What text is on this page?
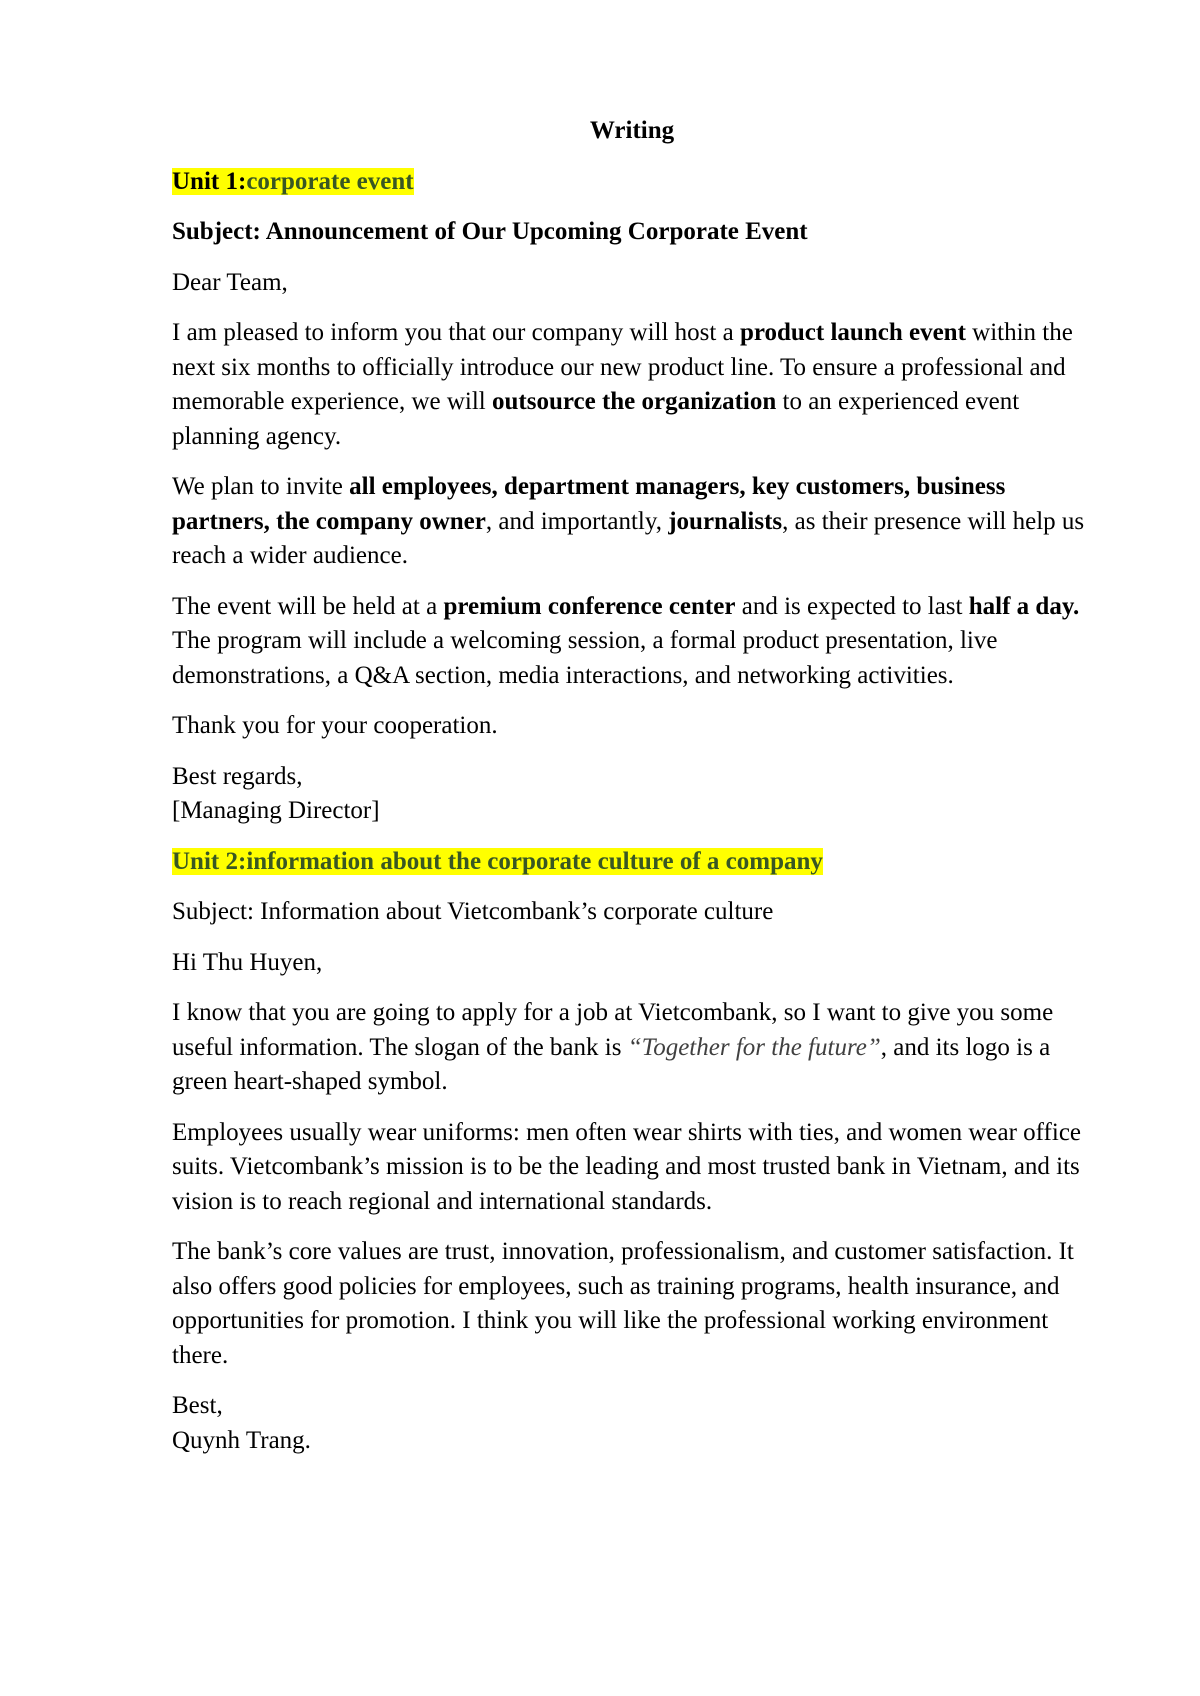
Writing

Unit 1:corporate event

Subject: Announcement of Our Upcoming Corporate Event

Dear Team,

I am pleased to inform you that our company will host a product launch event within the next six months to officially introduce our new product line. To ensure a professional and memorable experience, we will outsource the organization to an experienced event planning agency.

We plan to invite all employees, department managers, key customers, business partners, the company owner, and importantly, journalists, as their presence will help us reach a wider audience.

The event will be held at a premium conference center and is expected to last half a day.
The program will include a welcoming session, a formal product presentation, live demonstrations, a Q&A section, media interactions, and networking activities.

Thank you for your cooperation.

Best regards,
[Managing Director]

Unit 2:information about the corporate culture of a company

Subject: Information about Vietcombank’s corporate culture

Hi Thu Huyen,

I know that you are going to apply for a job at Vietcombank, so I want to give you some useful information. The slogan of the bank is “Together for the future”, and its logo is a green heart-shaped symbol.

Employees usually wear uniforms: men often wear shirts with ties, and women wear office suits. Vietcombank’s mission is to be the leading and most trusted bank in Vietnam, and its vision is to reach regional and international standards.

The bank’s core values are trust, innovation, professionalism, and customer satisfaction. It also offers good policies for employees, such as training programs, health insurance, and opportunities for promotion. I think you will like the professional working environment there.

Best,
Quynh Trang.
